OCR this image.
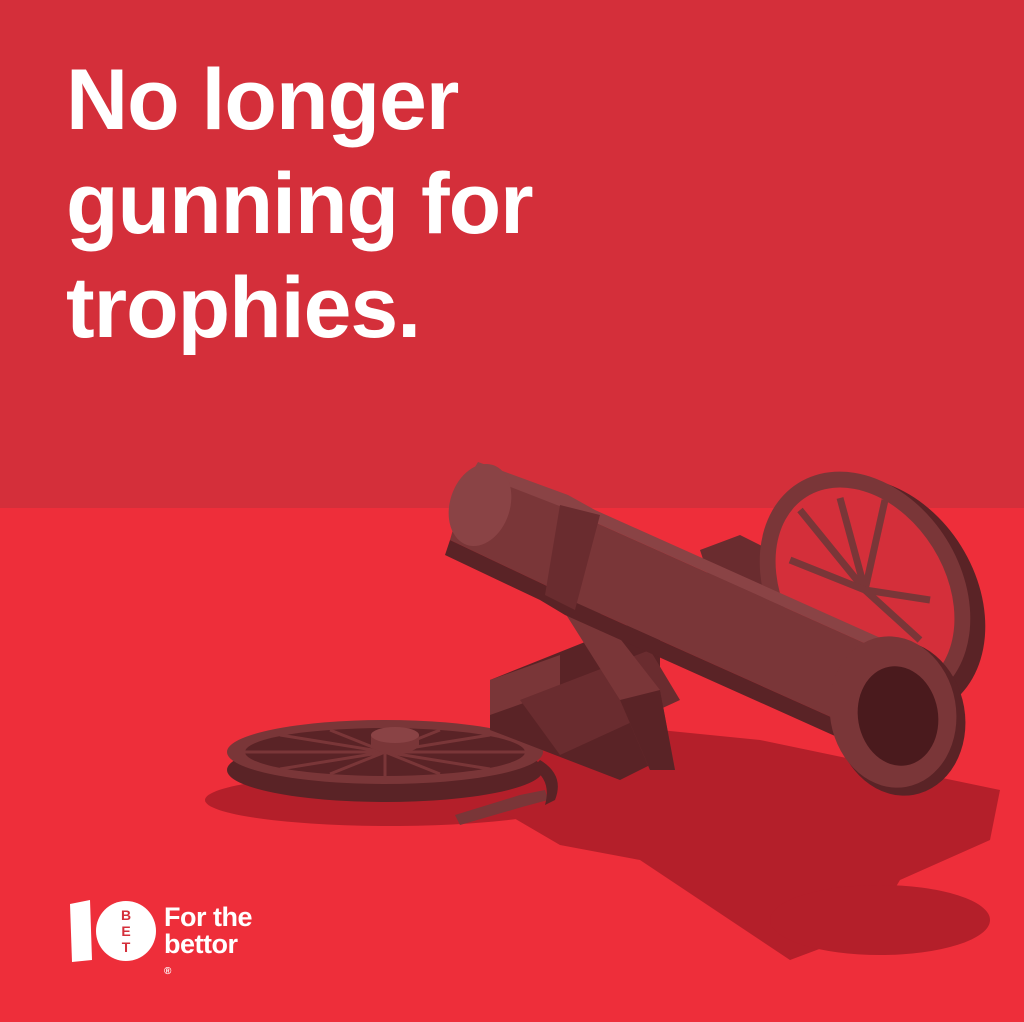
No longer
gunning for
trophies.
B
E
T
For the
bettor
®
